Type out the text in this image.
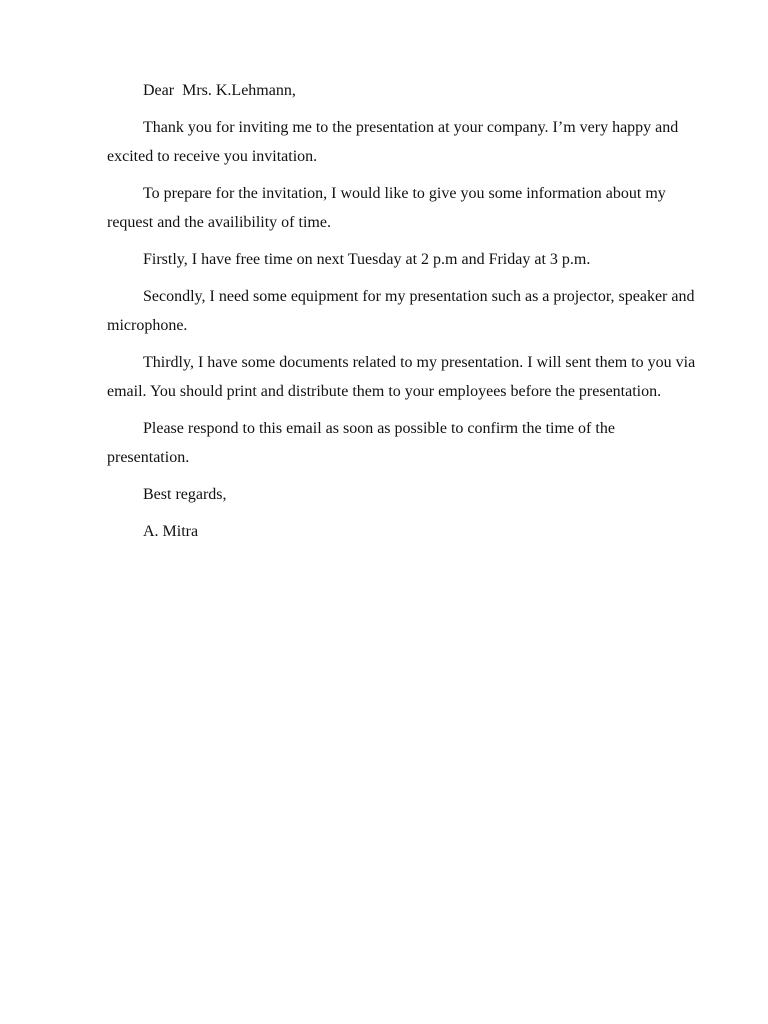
Dear  Mrs. K.Lehmann,

Thank you for inviting me to the presentation at your company. I’m very happy and excited to receive you invitation.

To prepare for the invitation, I would like to give you some information about my request and the availibility of time.

Firstly, I have free time on next Tuesday at 2 p.m and Friday at 3 p.m.

Secondly, I need some equipment for my presentation such as a projector, speaker and microphone.

Thirdly, I have some documents related to my presentation. I will sent them to you via email. You should print and distribute them to your employees before the presentation.

Please respond to this email as soon as possible to confirm the time of the presentation.

Best regards,

A. Mitra
